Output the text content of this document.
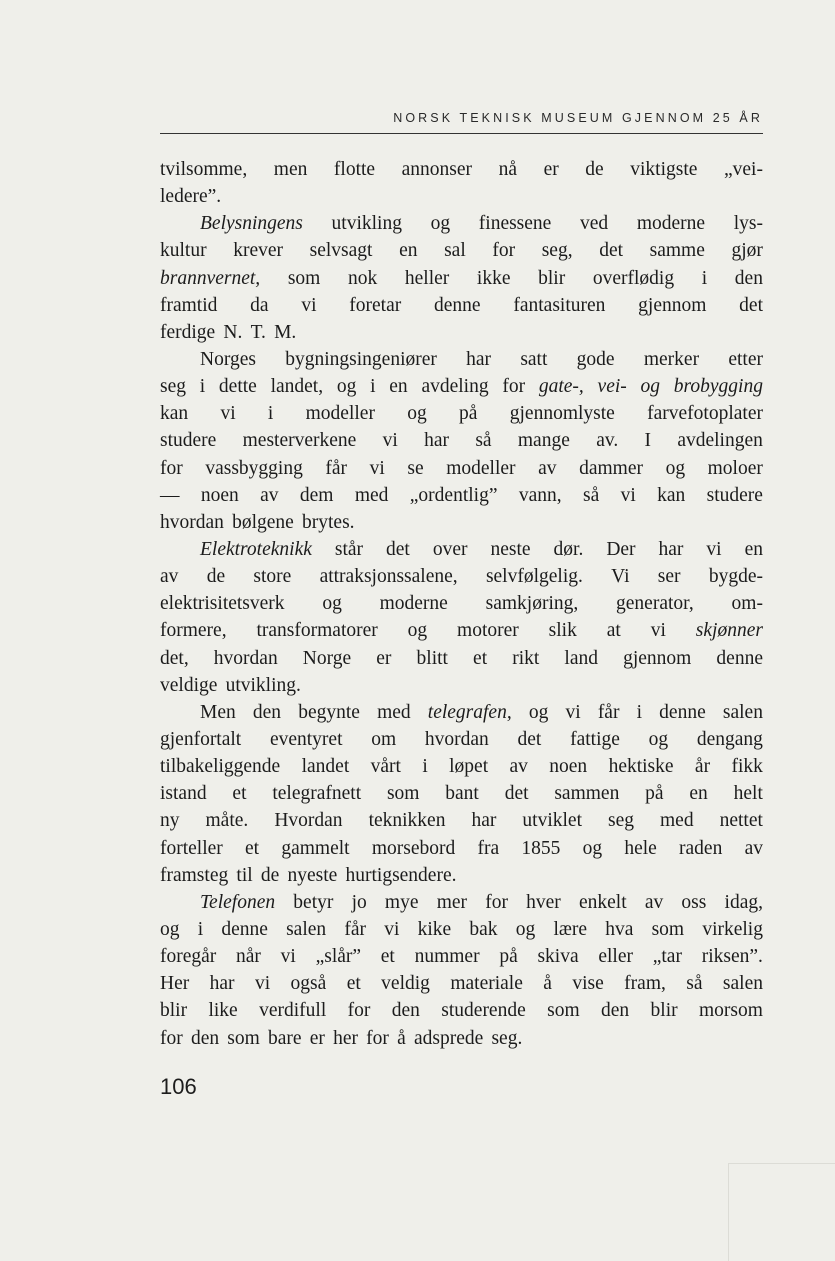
NORSK TEKNISK MUSEUM GJENNOM 25 ÅR
tvilsomme, men flotte annonser nå er de viktigste „vei-
ledere”.
Belysningens utvikling og finessene ved moderne lys-
kultur krever selvsagt en sal for seg, det samme gjør
brannvernet, som nok heller ikke blir overflødig i den
framtid da vi foretar denne fantasituren gjennom det
ferdige N. T. M.
Norges bygningsingeniører har satt gode merker etter
seg i dette landet, og i en avdeling for gate-, vei- og brobygging
kan vi i modeller og på gjennomlyste farvefotoplater
studere mesterverkene vi har så mange av. I avdelingen
for vassbygging får vi se modeller av dammer og moloer
— noen av dem med „ordentlig” vann, så vi kan studere
hvordan bølgene brytes.
Elektroteknikk står det over neste dør. Der har vi en
av de store attraksjonssalene, selvfølgelig. Vi ser bygde-
elektrisitetsverk og moderne samkjøring, generator, om-
formere, transformatorer og motorer slik at vi skjønner
det, hvordan Norge er blitt et rikt land gjennom denne
veldige utvikling.
Men den begynte med telegrafen, og vi får i denne salen
gjenfortalt eventyret om hvordan det fattige og dengang
tilbakeliggende landet vårt i løpet av noen hektiske år fikk
istand et telegrafnett som bant det sammen på en helt
ny måte. Hvordan teknikken har utviklet seg med nettet
forteller et gammelt morsebord fra 1855 og hele raden av
framsteg til de nyeste hurtigsendere.
Telefonen betyr jo mye mer for hver enkelt av oss idag,
og i denne salen får vi kike bak og lære hva som virkelig
foregår når vi „slår” et nummer på skiva eller „tar riksen”.
Her har vi også et veldig materiale å vise fram, så salen
blir like verdifull for den studerende som den blir morsom
for den som bare er her for å adsprede seg.
106
